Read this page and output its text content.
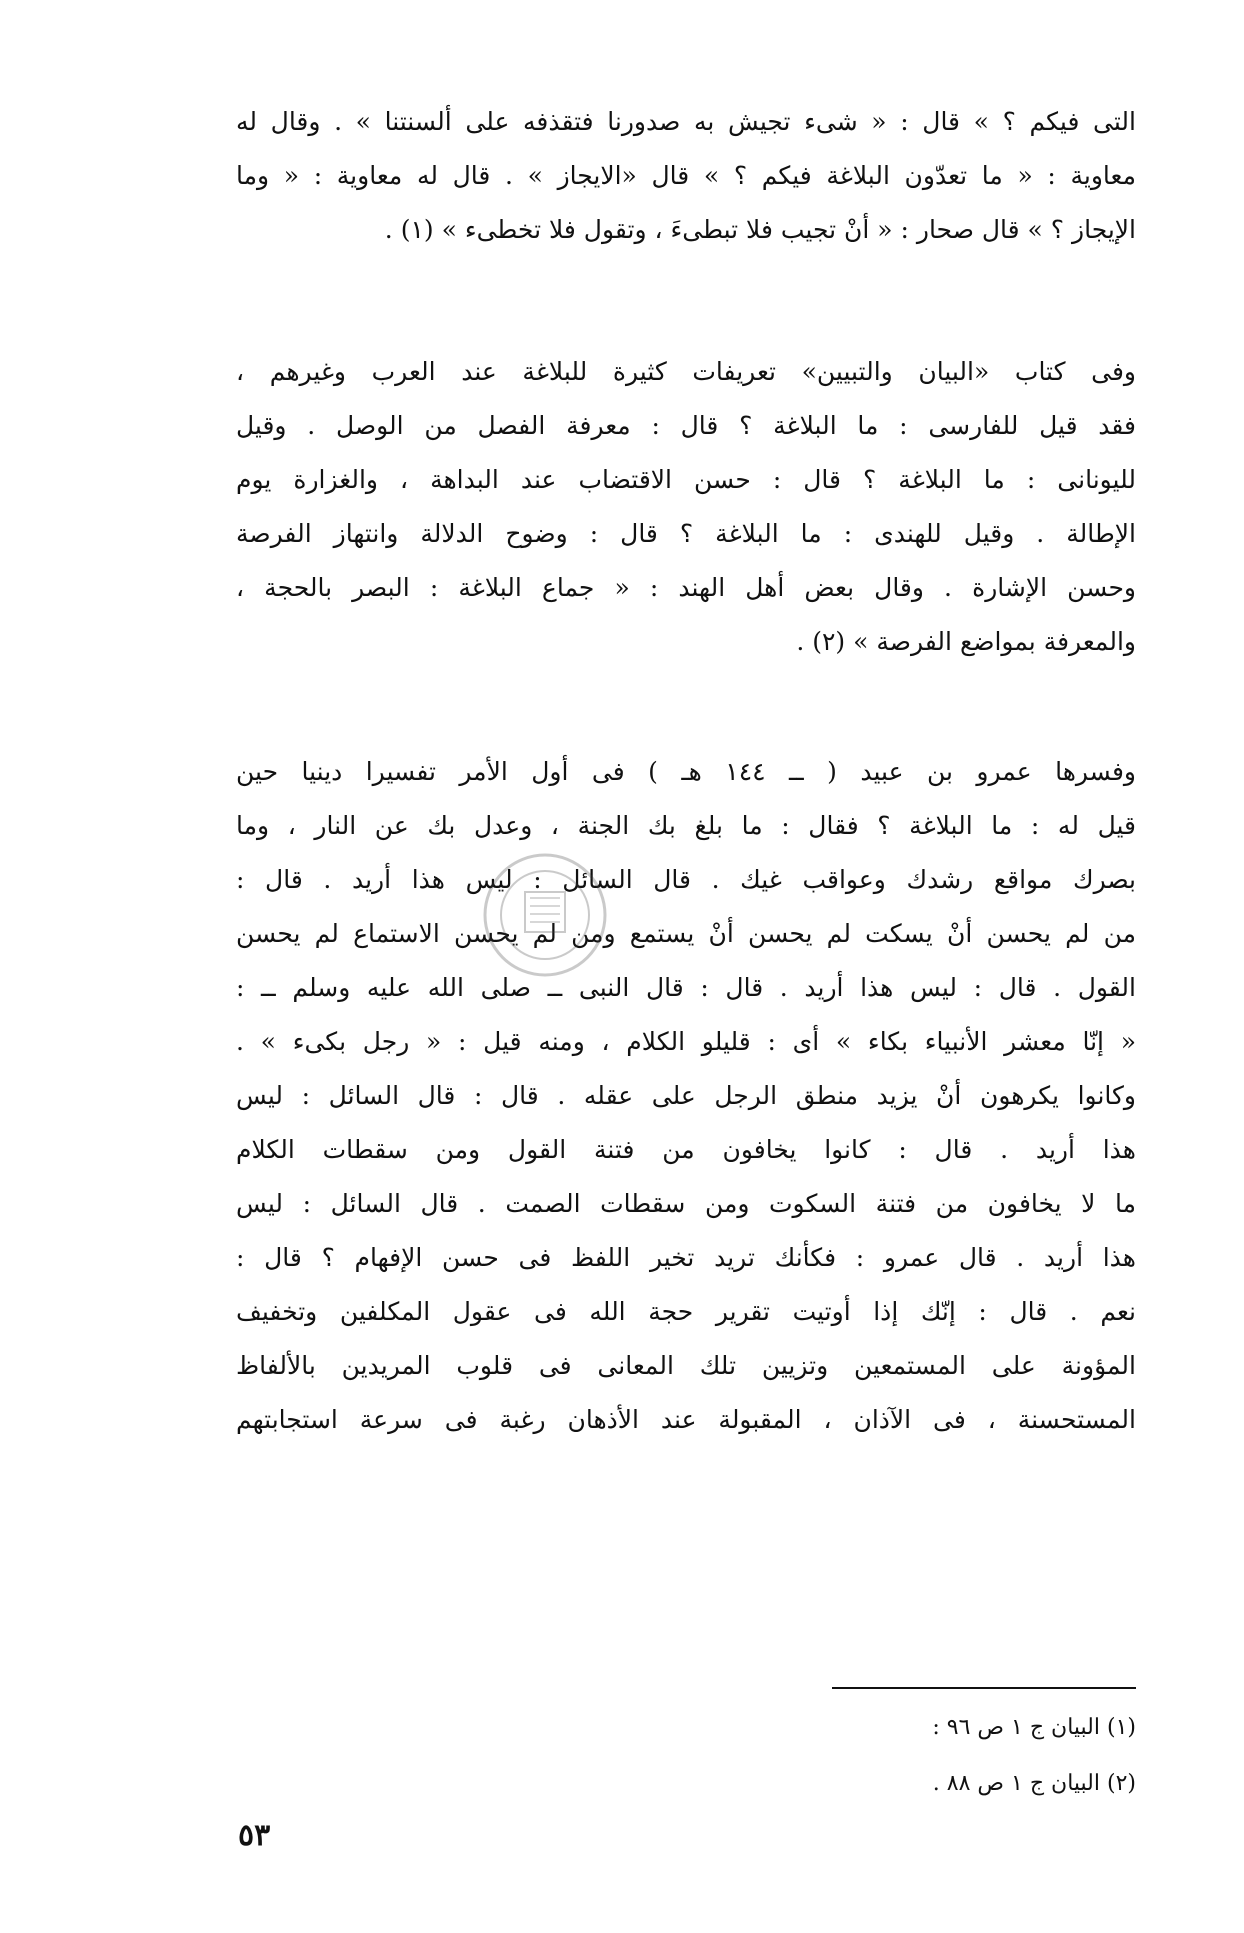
التى فيكم ؟ » قال : « شىء تجيش به صدورنا فتقذفه على ألسنتنا » . وقال له
معاوية : « ما تعدّون البلاغة فيكم ؟ » قال «الايجاز » . قال له معاوية : « وما
الإيجاز ؟ » قال صحار : « أنْ تجيب فلا تبطىءَ ، وتقول فلا تخطىء » (١) .
وفى كتاب «البيان والتبيين» تعريفات كثيرة للبلاغة عند العرب وغيرهم ،
فقد قيل للفارسى : ما البلاغة ؟ قال : معرفة الفصل من الوصل . وقيل
لليونانى : ما البلاغة ؟ قال : حسن الاقتضاب عند البداهة ، والغزارة يوم
الإطالة . وقيل للهندى : ما البلاغة ؟ قال : وضوح الدلالة وانتهاز الفرصة
وحسن الإشارة . وقال بعض أهل الهند : « جماع البلاغة : البصر بالحجة ،
والمعرفة بمواضع الفرصة » (٢) .
وفسرها عمرو بن عبيد ( ــ ١٤٤ هـ ) فى أول الأمر تفسيرا دينيا حين
قيل له : ما البلاغة ؟ فقال : ما بلغ بك الجنة ، وعدل بك عن النار ، وما
بصرك مواقع رشدك وعواقب غيك . قال السائل : ليس هذا أريد . قال :
من لم يحسن أنْ يسكت لم يحسن أنْ يستمع ومن لم يحسن الاستماع لم يحسن
القول . قال : ليس هذا أريد . قال : قال النبى ــ صلى الله عليه وسلم ــ :
« إنّا معشر الأنبياء بكاء » أى : قليلو الكلام ، ومنه قيل : « رجل بكىء » .
وكانوا يكرهون أنْ يزيد منطق الرجل على عقله . قال : قال السائل : ليس
هذا أريد . قال : كانوا يخافون من فتنة القول ومن سقطات الكلام
ما لا يخافون من فتنة السكوت ومن سقطات الصمت . قال السائل : ليس
هذا أريد . قال عمرو : فكأنك تريد تخير اللفظ فى حسن الإفهام ؟ قال :
نعم . قال : إنّك إذا أوتيت تقرير حجة الله فى عقول المكلفين وتخفيف
المؤونة على المستمعين وتزيين تلك المعانى فى قلوب المريدين بالألفاظ
المستحسنة ، فى الآذان ، المقبولة عند الأذهان رغبة فى سرعة استجابتهم
(١) البيان ج ١ ص ٩٦ :
(٢) البيان ج ١ ص ٨٨ .
٥٣
